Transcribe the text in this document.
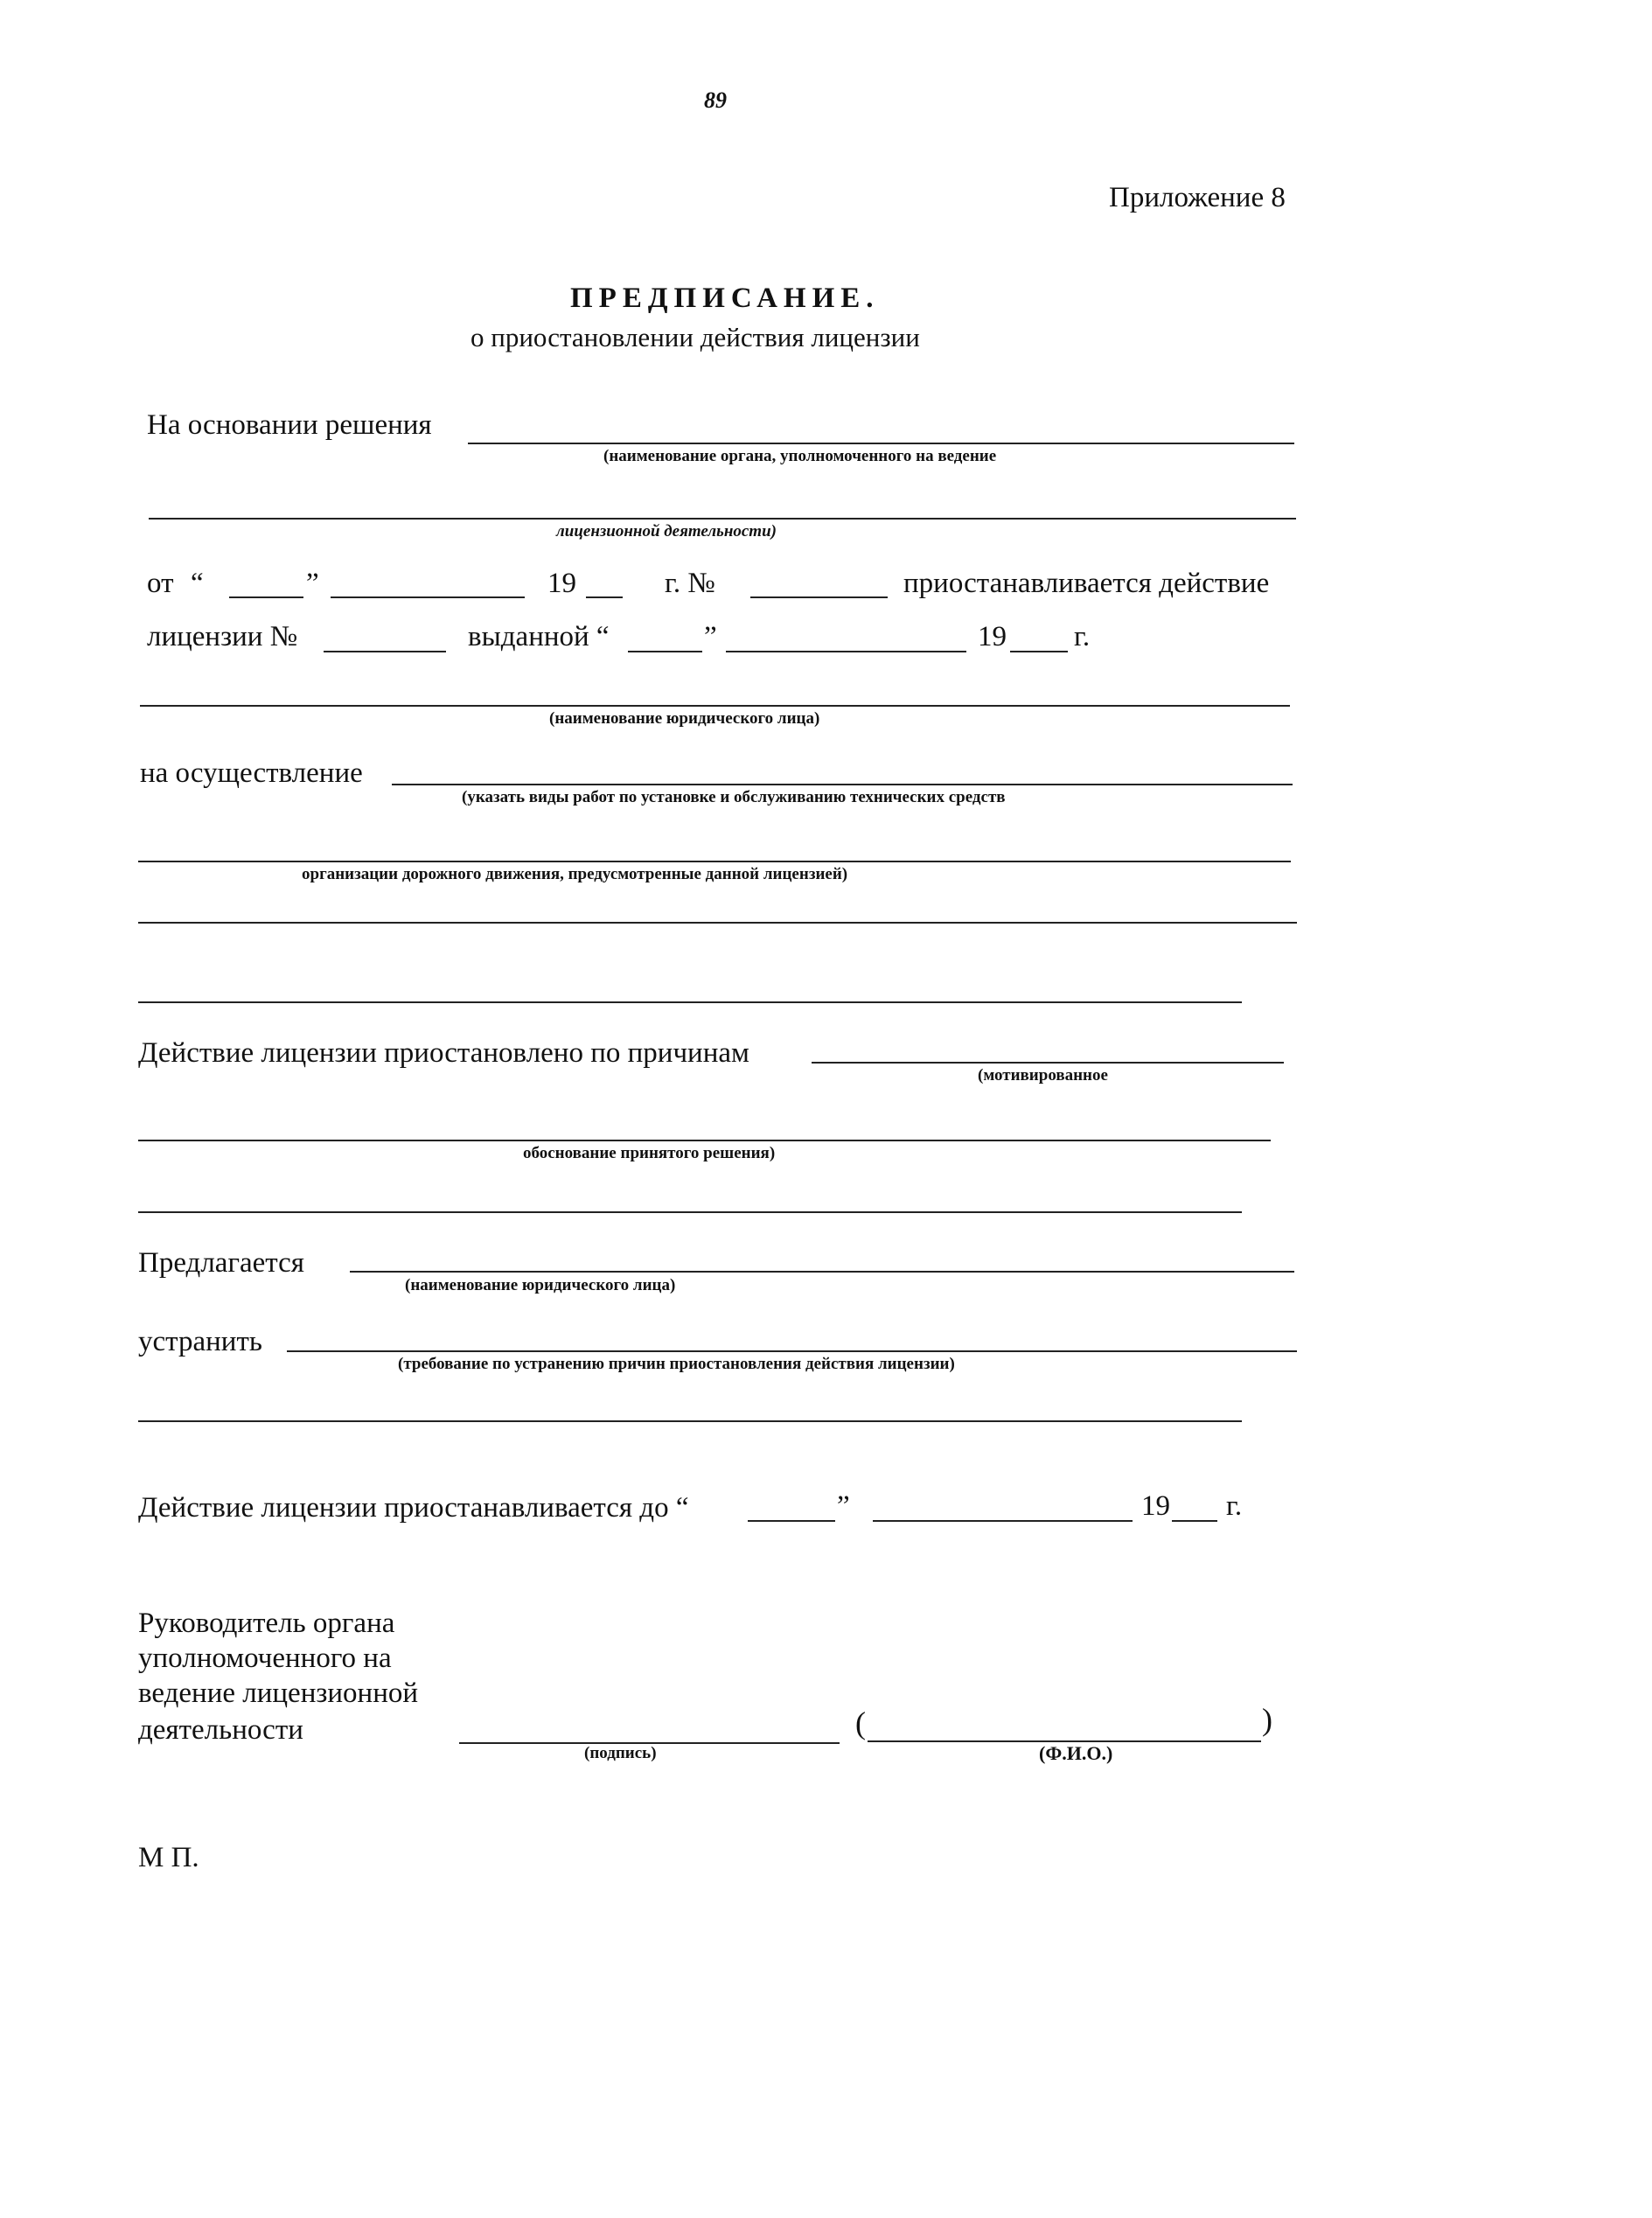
89
Приложение 8
ПРЕДПИСАНИЕ.
о приостановлении действия лицензии
На основании решения
(наименование органа, уполномоченного на ведение
лицензионной деятельности)
от “	”	19	г. №	приостанавливается действие
лицензии №	выданной “	”	19 г.
(наименование юридического лица)
на осуществление
(указать виды работ по установке и обслуживанию технических средств
организации дорожного движения, предусмотренные данной лицензией)
Действие лицензии приостановлено по причинам
(мотивированное
обоснование принятого решения)
Предлагается
(наименование юридического лица)
устранить
(требование по устранению причин приостановления действия лицензии)
Действие лицензии приостанавливается до “	”	19 г.
Руководитель органа
уполномоченного на
ведение лицензионной
деятельности
(подпись)
(	)
(Ф.И.О.)
М П.
